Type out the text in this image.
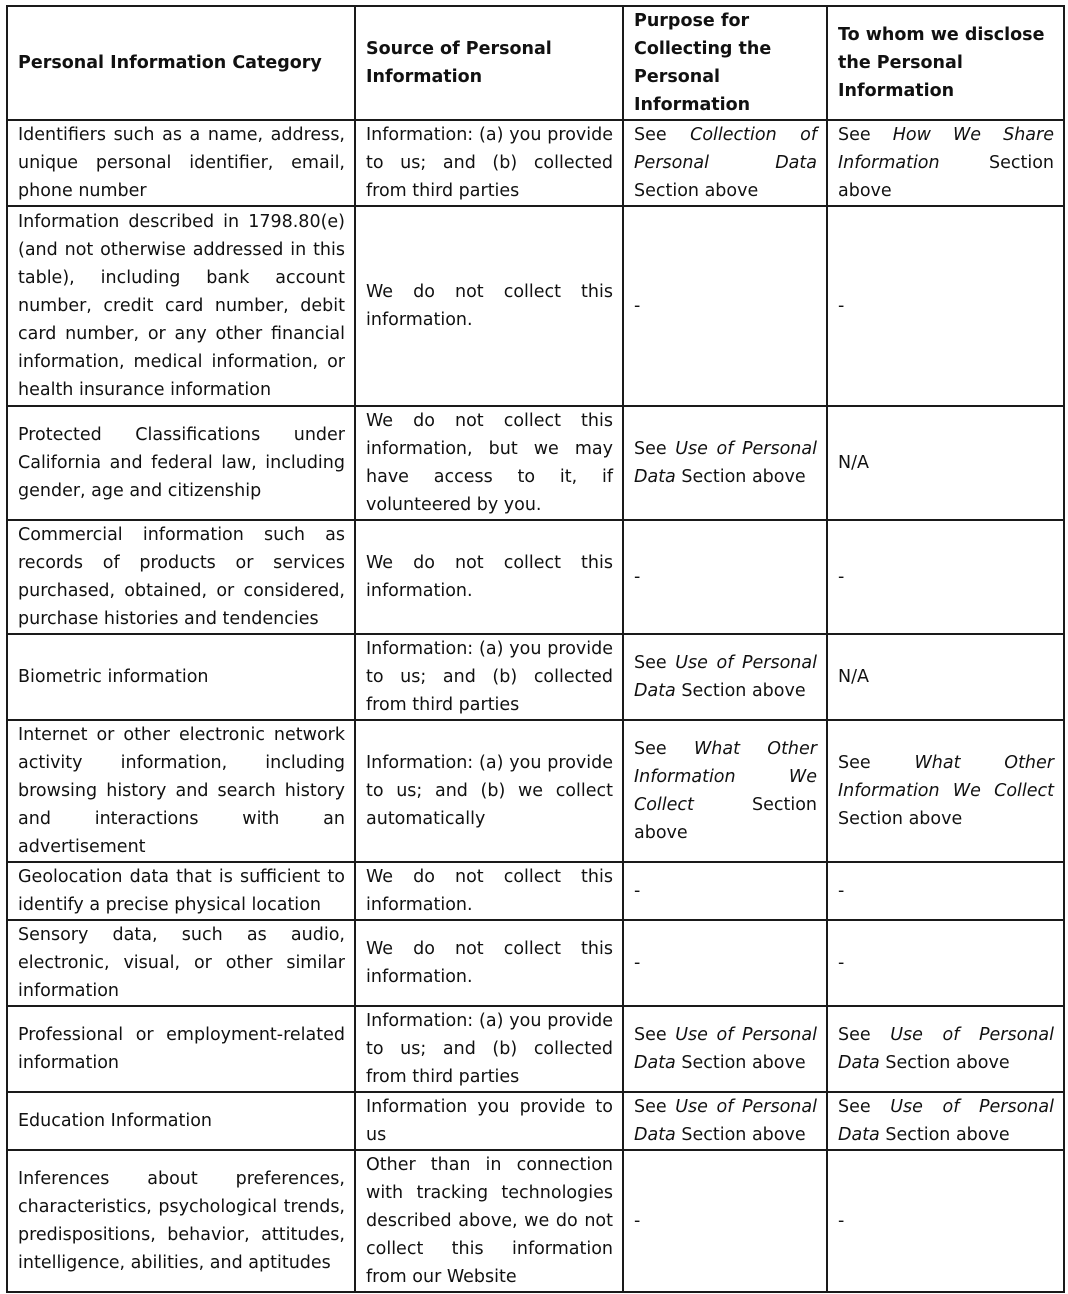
Personal Information Category	Source of Personal Information	Purpose for Collecting the Personal Information	To whom we disclose the Personal Information
Identifiers such as a name, address, unique personal identifier, email, phone number	Information: (a) you provide to us; and (b) collected from third parties	See Collection of Personal Data Section above	See How We Share Information Section above
Information described in 1798.80(e) (and not otherwise addressed in this table), including bank account number, credit card number, debit card number, or any other financial information, medical information, or health insurance information	We do not collect this information.	-	-
Protected Classifications under California and federal law, including gender, age and citizenship	We do not collect this information, but we may have access to it, if volunteered by you.	See Use of Personal Data Section above	N/A
Commercial information such as records of products or services purchased, obtained, or considered, purchase histories and tendencies	We do not collect this information.	-	-
Biometric information	Information: (a) you provide to us; and (b) collected from third parties	See Use of Personal Data Section above	N/A
Internet or other electronic network activity information, including browsing history and search history and interactions with an advertisement	Information: (a) you provide to us; and (b) we collect automatically	See What Other Information We Collect Section above	See What Other Information We Collect Section above
Geolocation data that is sufficient to identify a precise physical location	We do not collect this information.	-	-
Sensory data, such as audio, electronic, visual, or other similar information	We do not collect this information.	-	-
Professional or employment-related information	Information: (a) you provide to us; and (b) collected from third parties	See Use of Personal Data Section above	See Use of Personal Data Section above
Education Information	Information you provide to us	See Use of Personal Data Section above	See Use of Personal Data Section above
Inferences about preferences, characteristics, psychological trends, predispositions, behavior, attitudes, intelligence, abilities, and aptitudes	Other than in connection with tracking technologies described above, we do not collect this information from our Website	-	-
